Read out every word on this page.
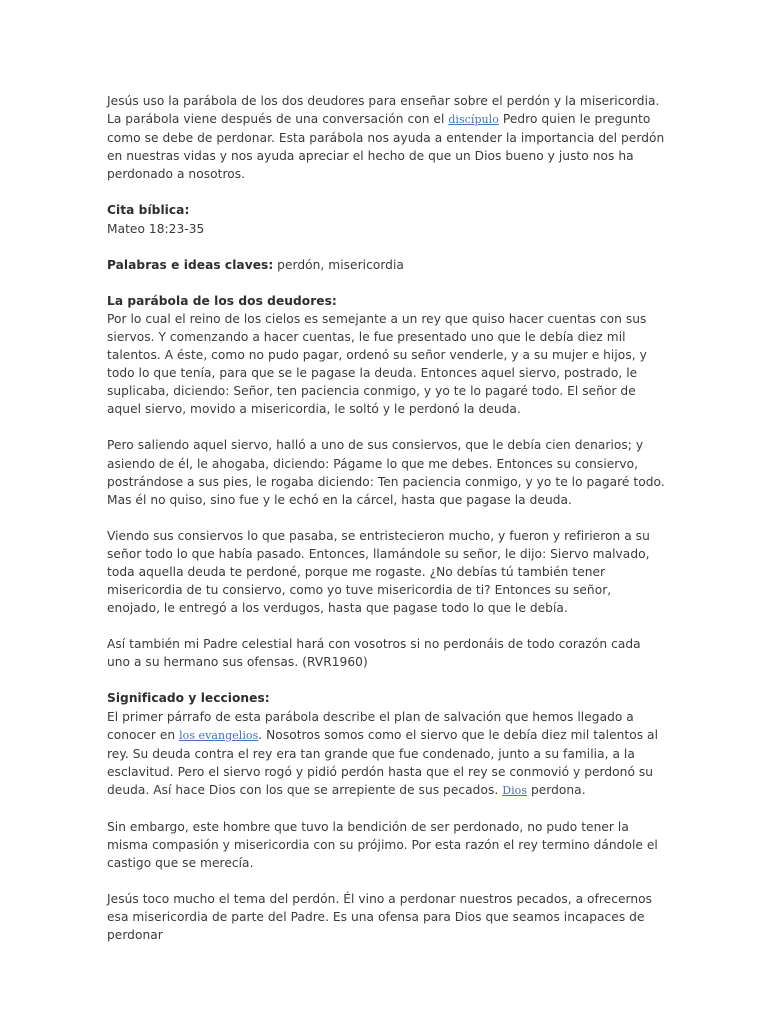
Jesús uso la parábola de los dos deudores para enseñar sobre el perdón y la misericordia. La parábola viene después de una conversación con el discípulo Pedro quien le pregunto como se debe de perdonar. Esta parábola nos ayuda a entender la importancia del perdón en nuestras vidas y nos ayuda apreciar el hecho de que un Dios bueno y justo nos ha perdonado a nosotros.

Cita bíblica:

Mateo 18:23-35

Palabras e ideas claves: perdón, misericordia

La parábola de los dos deudores:

Por lo cual el reino de los cielos es semejante a un rey que quiso hacer cuentas con sus siervos. Y comenzando a hacer cuentas, le fue presentado uno que le debía diez mil talentos. A éste, como no pudo pagar, ordenó su señor venderle, y a su mujer e hijos, y todo lo que tenía, para que se le pagase la deuda. Entonces aquel siervo, postrado, le suplicaba, diciendo: Señor, ten paciencia conmigo, y yo te lo pagaré todo. El señor de aquel siervo, movido a misericordia, le soltó y le perdonó la deuda.

Pero saliendo aquel siervo, halló a uno de sus consiervos, que le debía cien denarios; y asiendo de él, le ahogaba, diciendo: Págame lo que me debes. Entonces su consiervo, postrándose a sus pies, le rogaba diciendo: Ten paciencia conmigo, y yo te lo pagaré todo. Mas él no quiso, sino fue y le echó en la cárcel, hasta que pagase la deuda.

Viendo sus consiervos lo que pasaba, se entristecieron mucho, y fueron y refirieron a su señor todo lo que había pasado. Entonces, llamándole su señor, le dijo: Siervo malvado, toda aquella deuda te perdoné, porque me rogaste. ¿No debías tú también tener misericordia de tu consiervo, como yo tuve misericordia de ti? Entonces su señor, enojado, le entregó a los verdugos, hasta que pagase todo lo que le debía.

Así también mi Padre celestial hará con vosotros si no perdonáis de todo corazón cada uno a su hermano sus ofensas. (RVR1960)

Significado y lecciones:

El primer párrafo de esta parábola describe el plan de salvación que hemos llegado a conocer en los evangelios. Nosotros somos como el siervo que le debía diez mil talentos al rey. Su deuda contra el rey era tan grande que fue condenado, junto a su familia, a la esclavitud. Pero el siervo rogó y pidió perdón hasta que el rey se conmovió y perdonó su deuda. Así hace Dios con los que se arrepiente de sus pecados. Dios perdona.

Sin embargo, este hombre que tuvo la bendición de ser perdonado, no pudo tener la misma compasión y misericordia con su prójimo. Por esta razón el rey termino dándole el castigo que se merecía.

Jesús toco mucho el tema del perdón. Él vino a perdonar nuestros pecados, a ofrecernos esa misericordia de parte del Padre. Es una ofensa para Dios que seamos incapaces de perdonar
